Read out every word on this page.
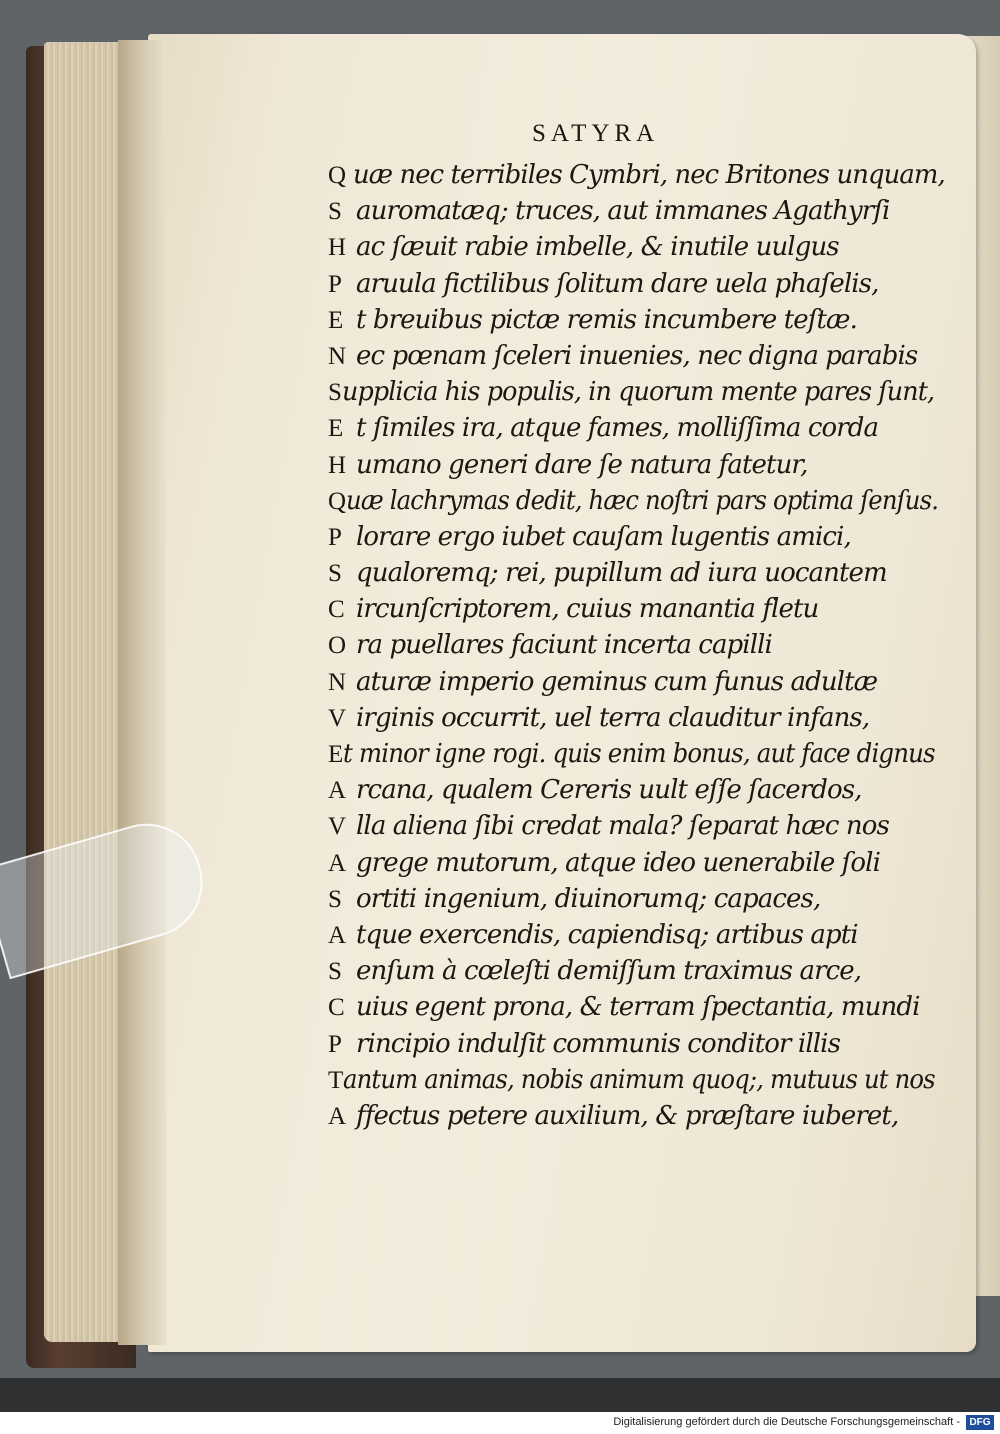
SATYRA
Q uæ nec terribiles Cymbri, nec Britones unquam,
S auromatæq; truces, aut immanes Agathyrſi
H ac ſæuit rabie imbelle, & inutile uulgus
P aruula fictilibus ſolitum dare uela phaſelis,
E t breuibus pictæ remis incumbere teſtæ.
N ec pœnam ſceleri inuenies, nec digna parabis
S upplicia his populis, in quorum mente pares ſunt,
E t ſimiles ira, atque fames, molliſſima corda
H umano generi dare ſe natura fatetur,
Q uæ lachrymas dedit, hæc noſtri pars optima ſenſus.
P lorare ergo iubet cauſam lugentis amici,
S qualoremq; rei, pupillum ad iura uocantem
C ircunſcriptorem, cuius manantia fletu
O ra puellares faciunt incerta capilli
N aturæ imperio geminus cum funus adultæ
V irginis occurrit, uel terra clauditur infans,
E t minor igne rogi. quis enim bonus, aut face dignus
A rcana, qualem Cereris uult eſſe ſacerdos,
V lla aliena ſibi credat mala? ſeparat hæc nos
A grege mutorum, atque ideo uenerabile ſoli
S ortiti ingenium, diuinorumq; capaces,
A tque exercendis, capiendisq; artibus apti
S enſum à cœleſti demiſſum traximus arce,
C uius egent prona, & terram ſpectantia, mundi
P rincipio indulſit communis conditor illis
T antum animas, nobis animum quoq;, mutuus ut nos
A ffectus petere auxilium, & præſtare iuberet,
Digitalisierung gefördert durch die Deutsche Forschungsgemeinschaft - DFG
